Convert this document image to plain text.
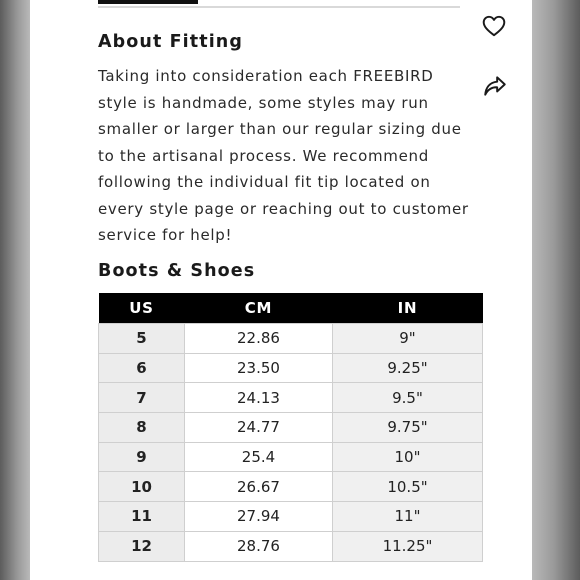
About Fitting

Taking into consideration each FREEBIRD style is handmade, some styles may run smaller or larger than our regular sizing due to the artisanal process. We recommend following the individual fit tip located on every style page or reaching out to customer service for help!

Boots & Shoes
US	CM	IN
5	22.86	9"
6	23.50	9.25"
7	24.13	9.5"
8	24.77	9.75"
9	25.4	10"
10	26.67	10.5"
11	27.94	11"
12	28.76	11.25"
